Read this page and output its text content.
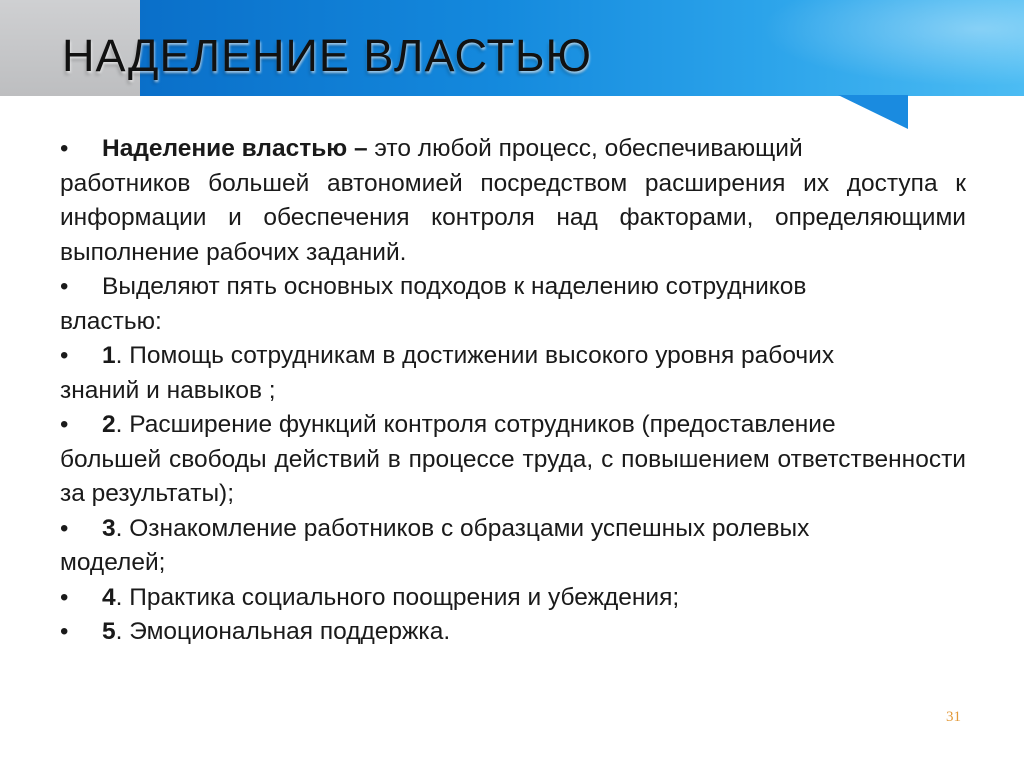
НАДЕЛЕНИЕ ВЛАСТЬЮ
• Наделение властью – это любой процесс, обеспечивающий
работников большей автономией посредством расширения их доступа к информации и обеспечения контроля над факторами, определяющими выполнение рабочих заданий.
• Выделяют пять основных подходов к наделению сотрудников
властью:
• 1. Помощь сотрудникам в достижении высокого уровня рабочих
знаний и навыков ;
• 2. Расширение функций контроля сотрудников (предоставление
большей свободы действий в процессе труда, с повышением ответственности за результаты);
• 3. Ознакомление работников с образцами успешных ролевых
моделей;
• 4. Практика социального поощрения и убеждения;
• 5. Эмоциональная поддержка.
31
